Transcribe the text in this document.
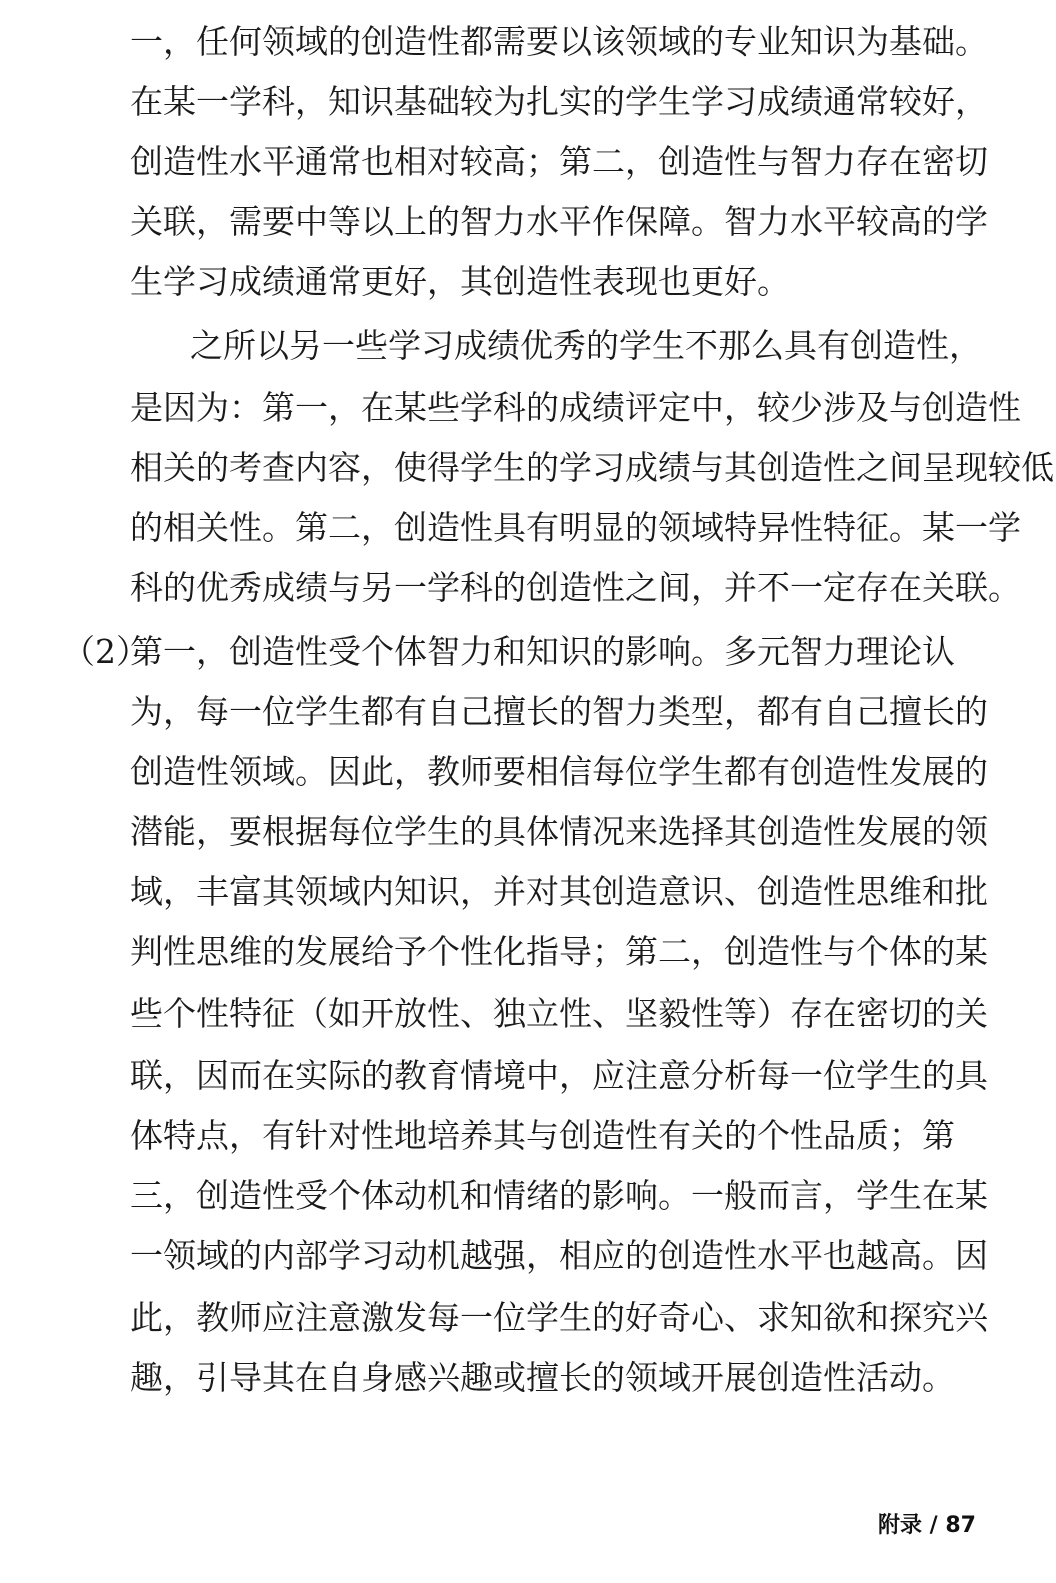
一，任何领域的创造性都需要以该领域的专业知识为基础。
在某一学科，知识基础较为扎实的学生学习成绩通常较好，
创造性水平通常也相对较高；第二，创造性与智力存在密切
关联，需要中等以上的智力水平作保障。智力水平较高的学
生学习成绩通常更好，其创造性表现也更好。
之所以另一些学习成绩优秀的学生不那么具有创造性，
是因为：第一，在某些学科的成绩评定中，较少涉及与创造性
相关的考查内容，使得学生的学习成绩与其创造性之间呈现较低
的相关性。第二，创造性具有明显的领域特异性特征。某一学
科的优秀成绩与另一学科的创造性之间，并不一定存在关联。
（2）
第一，创造性受个体智力和知识的影响。多元智力理论认
为，每一位学生都有自己擅长的智力类型，都有自己擅长的
创造性领域。因此，教师要相信每位学生都有创造性发展的
潜能，要根据每位学生的具体情况来选择其创造性发展的领
域，丰富其领域内知识，并对其创造意识、创造性思维和批
判性思维的发展给予个性化指导；第二，创造性与个体的某
些个性特征（如开放性、独立性、坚毅性等）存在密切的关
联，因而在实际的教育情境中，应注意分析每一位学生的具
体特点，有针对性地培养其与创造性有关的个性品质；第
三，创造性受个体动机和情绪的影响。一般而言，学生在某
一领域的内部学习动机越强，相应的创造性水平也越高。因
此，教师应注意激发每一位学生的好奇心、求知欲和探究兴
趣，引导其在自身感兴趣或擅长的领域开展创造性活动。
附录 / 87
